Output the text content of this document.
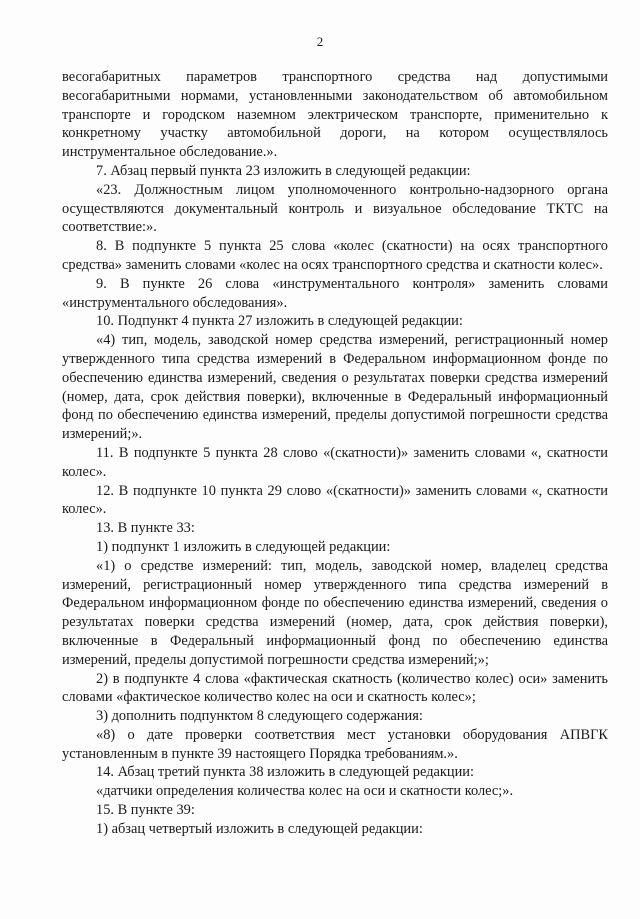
2

весогабаритных параметров транспортного средства над допустимыми весогабаритными нормами, установленными законодательством об автомобильном транспорте и городском наземном электрическом транспорте, применительно к конкретному участку автомобильной дороги, на котором осуществлялось инструментальное обследование.».

7. Абзац первый пункта 23 изложить в следующей редакции:

«23. Должностным лицом уполномоченного контрольно-надзорного органа осуществляются документальный контроль и визуальное обследование ТКТС на соответствие:».

8. В подпункте 5 пункта 25 слова «колес (скатности) на осях транспортного средства» заменить словами «колес на осях транспортного средства и скатности колес».

9. В пункте 26 слова «инструментального контроля» заменить словами «инструментального обследования».

10. Подпункт 4 пункта 27 изложить в следующей редакции:

«4) тип, модель, заводской номер средства измерений, регистрационный номер утвержденного типа средства измерений в Федеральном информационном фонде по обеспечению единства измерений, сведения о результатах поверки средства измерений (номер, дата, срок действия поверки), включенные в Федеральный информационный фонд по обеспечению единства измерений, пределы допустимой погрешности средства измерений;».

11. В подпункте 5 пункта 28 слово «(скатности)» заменить словами «, скатности колес».

12. В подпункте 10 пункта 29 слово «(скатности)» заменить словами «, скатности колес».

13. В пункте 33:

1) подпункт 1 изложить в следующей редакции:

«1) о средстве измерений: тип, модель, заводской номер, владелец средства измерений, регистрационный номер утвержденного типа средства измерений в Федеральном информационном фонде по обеспечению единства измерений, сведения о результатах поверки средства измерений (номер, дата, срок действия поверки), включенные в Федеральный информационный фонд по обеспечению единства измерений, пределы допустимой погрешности средства измерений;»;

2) в подпункте 4 слова «фактическая скатность (количество колес) оси» заменить словами «фактическое количество колес на оси и скатность колес»;

3) дополнить подпунктом 8 следующего содержания:

«8) о дате проверки соответствия мест установки оборудования АПВГК установленным в пункте 39 настоящего Порядка требованиям.».

14. Абзац третий пункта 38 изложить в следующей редакции:

«датчики определения количества колес на оси и скатности колес;».

15. В пункте 39:

1) абзац четвертый изложить в следующей редакции:
